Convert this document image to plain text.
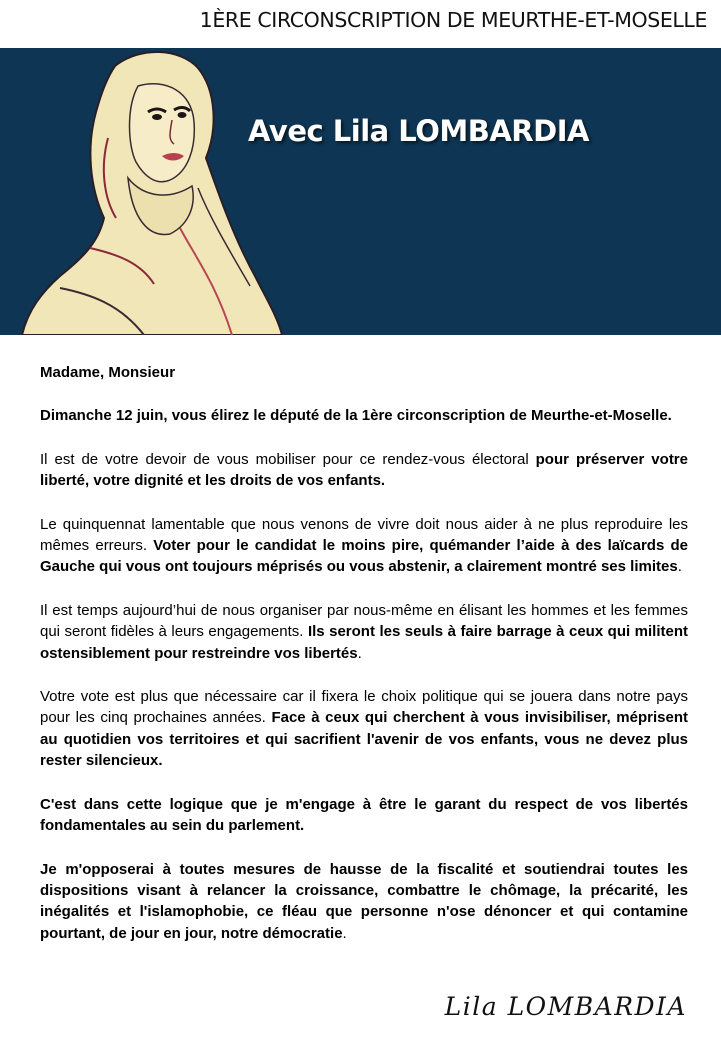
1ÈRE CIRCONSCRIPTION DE MEURTHE-ET-MOSELLE
Avec Lila LOMBARDIA

Madame, Monsieur

Dimanche 12 juin, vous élirez le député de la 1ère circonscription de Meurthe-et-Moselle.

Il est de votre devoir de vous mobiliser pour ce rendez-vous électoral pour préserver votre liberté, votre dignité et les droits de vos enfants.

Le quinquennat lamentable que nous venons de vivre doit nous aider à ne plus reproduire les mêmes erreurs. Voter pour le candidat le moins pire, quémander l’aide à des laïcards de Gauche qui vous ont toujours méprisés ou vous abstenir, a clairement montré ses limites.

Il est temps aujourd’hui de nous organiser par nous-même en élisant les hommes et les femmes qui seront fidèles à leurs engagements. Ils seront les seuls à faire barrage à ceux qui militent ostensiblement pour restreindre vos libertés.

Votre vote est plus que nécessaire car il fixera le choix politique qui se jouera dans notre pays pour les cinq prochaines années. Face à ceux qui cherchent à vous invisibiliser, méprisent au quotidien vos territoires et qui sacrifient l'avenir de vos enfants, vous ne devez plus rester silencieux.

C'est dans cette logique que je m'engage à être le garant du respect de vos libertés fondamentales au sein du parlement.

Je m'opposerai à toutes mesures de hausse de la fiscalité et soutiendrai toutes les dispositions visant à relancer la croissance, combattre le chômage, la précarité, les inégalités et l'islamophobie, ce fléau que personne n'ose dénoncer et qui contamine pourtant, de jour en jour, notre démocratie.

Lila LOMBARDIA
